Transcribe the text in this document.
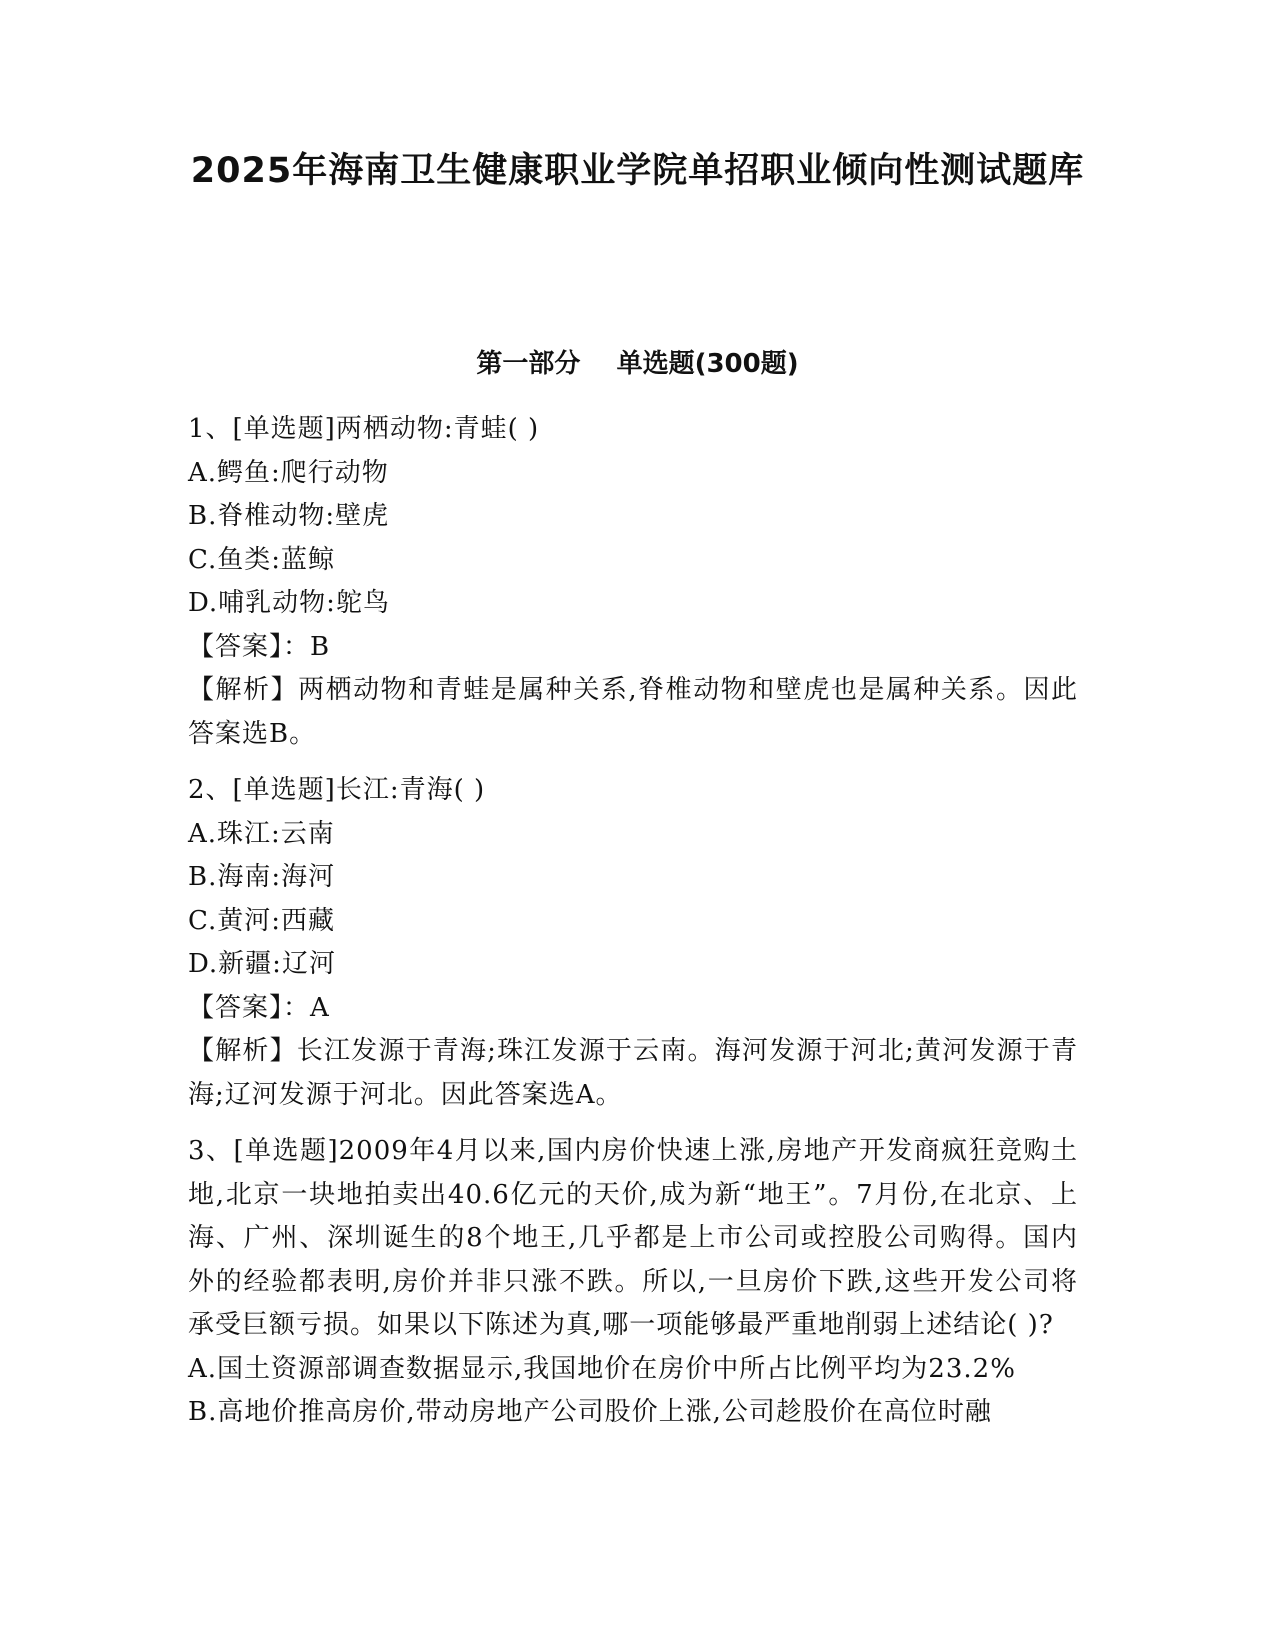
2025年海南卫生健康职业学院单招职业倾向性测试题库
第一部分    单选题(300题)

1、[单选题]两栖动物:青蛙( )

A.鳄鱼:爬行动物

B.脊椎动物:壁虎

C.鱼类:蓝鲸

D.哺乳动物:鸵鸟

【答案】：B

【解析】两栖动物和青蛙是属种关系,脊椎动物和壁虎也是属种关系。因此答案选B。

2、[单选题]长江:青海( )

A.珠江:云南

B.海南:海河

C.黄河:西藏

D.新疆:辽河

【答案】：A

【解析】长江发源于青海;珠江发源于云南。海河发源于河北;黄河发源于青海;辽河发源于河北。因此答案选A。

3、[单选题]2009年4月以来,国内房价快速上涨,房地产开发商疯狂竞购土地,北京一块地拍卖出40.6亿元的天价,成为新“地王”。7月份,在北京、上海、广州、深圳诞生的8个地王,几乎都是上市公司或控股公司购得。国内外的经验都表明,房价并非只涨不跌。所以,一旦房价下跌,这些开发公司将承受巨额亏损。如果以下陈述为真,哪一项能够最严重地削弱上述结论( )?

A.国土资源部调查数据显示,我国地价在房价中所占比例平均为23.2%

B.高地价推高房价,带动房地产公司股价上涨,公司趁股价在高位时融
